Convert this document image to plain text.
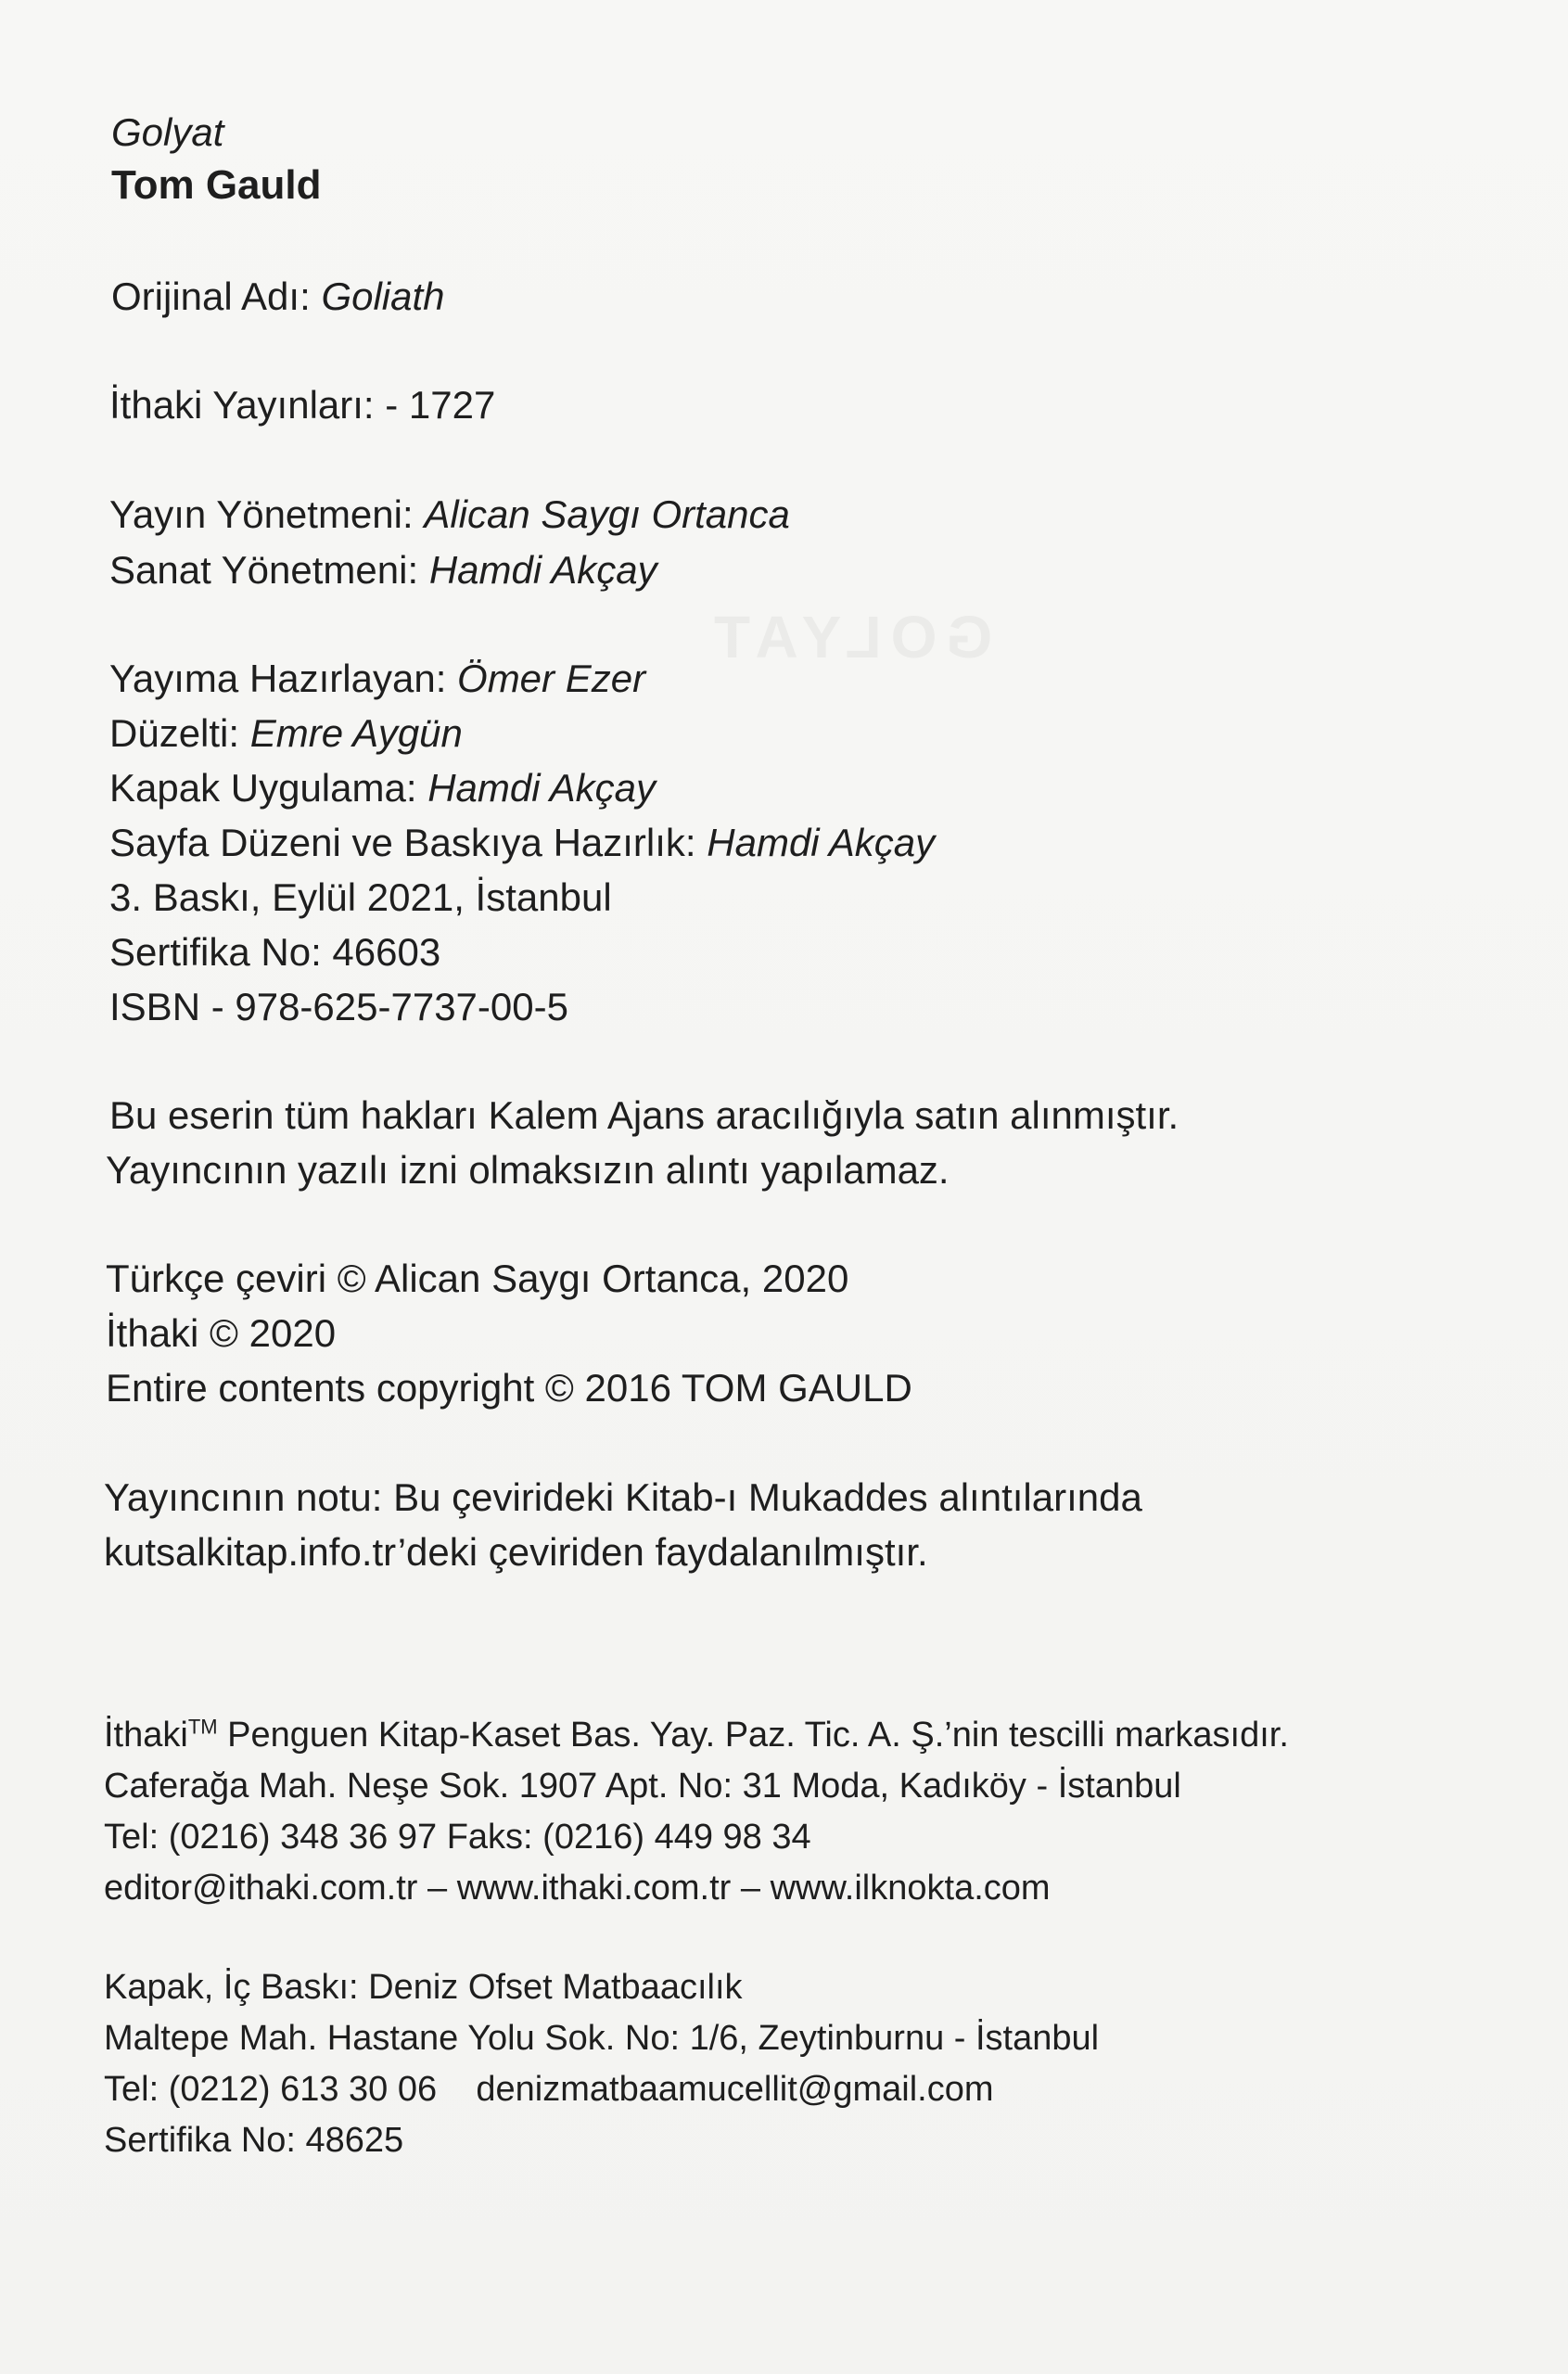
GOLYAT
Golyat
Tom Gauld
Orijinal Adı: Goliath
İthaki Yayınları: - 1727
Yayın Yönetmeni: Alican Saygı Ortanca
Sanat Yönetmeni: Hamdi Akçay
Yayıma Hazırlayan: Ömer Ezer
Düzelti: Emre Aygün
Kapak Uygulama: Hamdi Akçay
Sayfa Düzeni ve Baskıya Hazırlık: Hamdi Akçay
3. Baskı, Eylül 2021, İstanbul
Sertifika No: 46603
ISBN - 978-625-7737-00-5
Bu eserin tüm hakları Kalem Ajans aracılığıyla satın alınmıştır.
Yayıncının yazılı izni olmaksızın alıntı yapılamaz.
Türkçe çeviri © Alican Saygı Ortanca, 2020
İthaki © 2020
Entire contents copyright © 2016 TOM GAULD
Yayıncının notu: Bu çevirideki Kitab-ı Mukaddes alıntılarında
kutsalkitap.info.tr’deki çeviriden faydalanılmıştır.
İthaki™ Penguen Kitap-Kaset Bas. Yay. Paz. Tic. A. Ş.’nin tescilli markasıdır.
Caferağa Mah. Neşe Sok. 1907 Apt. No: 31 Moda, Kadıköy - İstanbul
Tel: (0216) 348 36 97 Faks: (0216) 449 98 34
editor@ithaki.com.tr – www.ithaki.com.tr – www.ilknokta.com
Kapak, İç Baskı: Deniz Ofset Matbaacılık
Maltepe Mah. Hastane Yolu Sok. No: 1/6, Zeytinburnu - İstanbul
Tel: (0212) 613 30 06    denizmatbaamucellit@gmail.com
Sertifika No: 48625
